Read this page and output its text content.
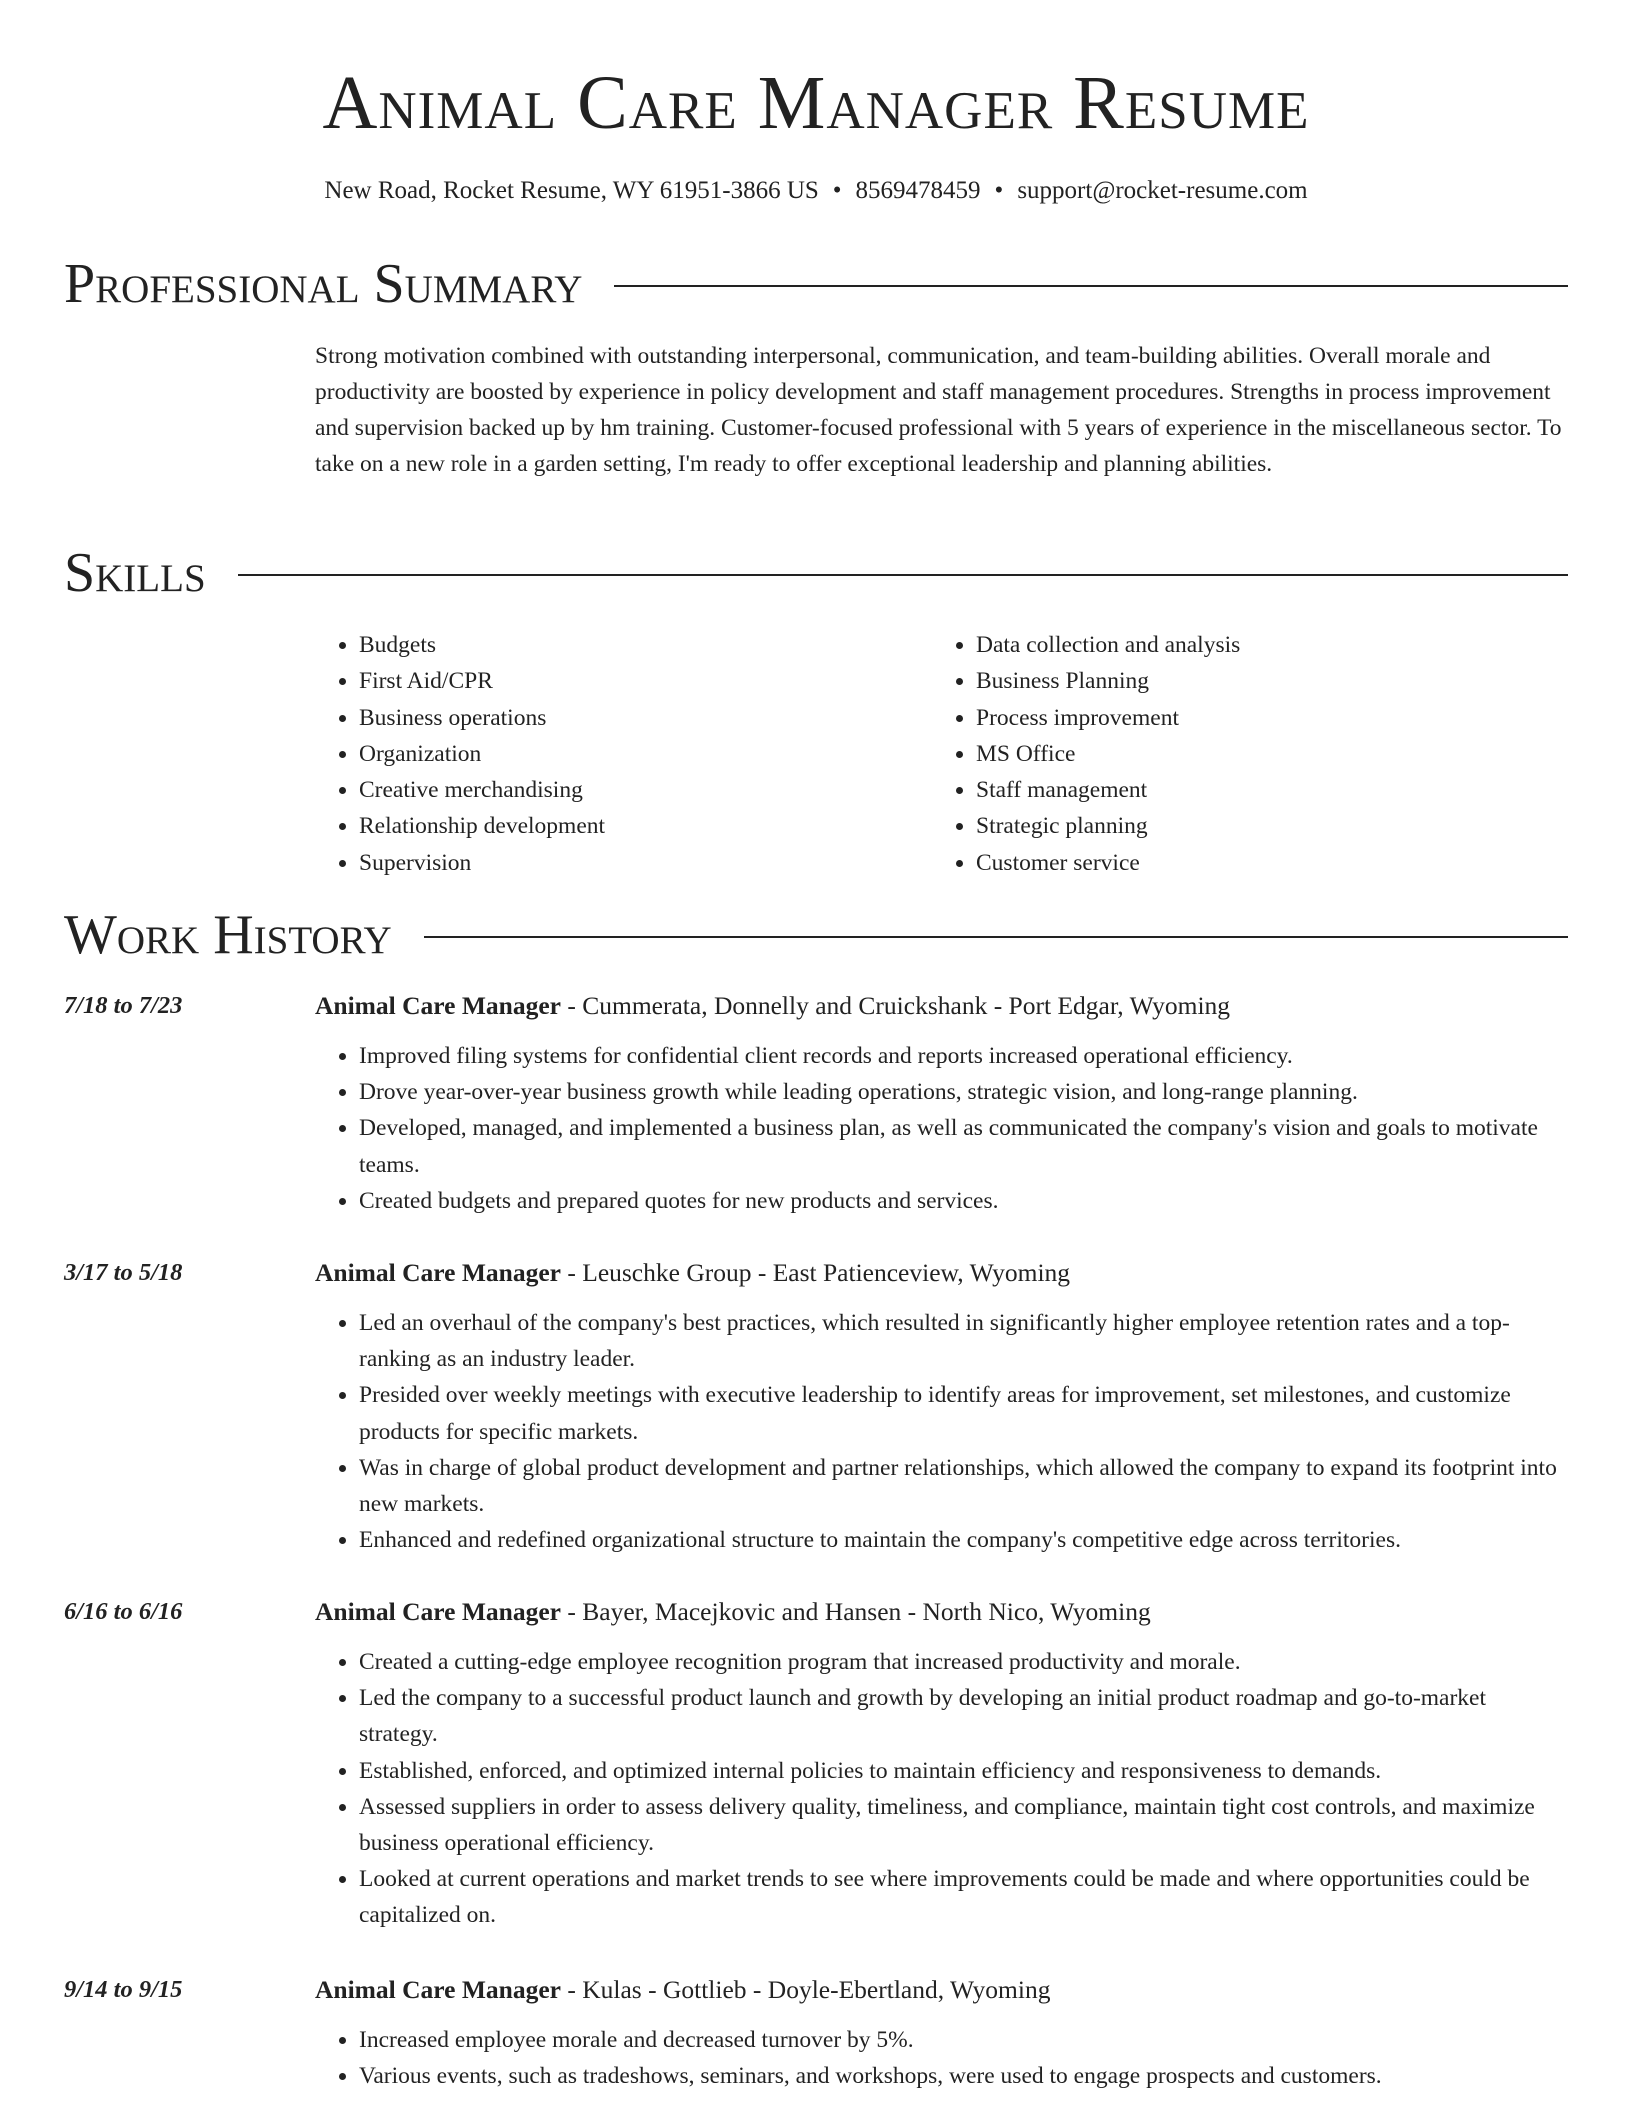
Animal Care Manager Resume
New Road, Rocket Resume, WY 61951-3866 US • 8569478459 • support@rocket-resume.com
Professional Summary

Strong motivation combined with outstanding interpersonal, communication, and team-building abilities. Overall morale and productivity are boosted by experience in policy development and staff management procedures. Strengths in process improvement and supervision backed up by hm training. Customer-focused professional with 5 years of experience in the miscellaneous sector. To take on a new role in a garden setting, I'm ready to offer exceptional leadership and planning abilities.

Skills
• Budgets
• First Aid/CPR
• Business operations
• Organization
• Creative merchandising
• Relationship development
• Supervision
• Data collection and analysis
• Business Planning
• Process improvement
• MS Office
• Staff management
• Strategic planning
• Customer service
Work History
7/18 to 7/23	Animal Care Manager - Cummerata, Donnelly and Cruickshank - Port Edgar, Wyoming
• Improved filing systems for confidential client records and reports increased operational efficiency.
• Drove year-over-year business growth while leading operations, strategic vision, and long-range planning.
• Developed, managed, and implemented a business plan, as well as communicated the company's vision and goals to motivate teams.
• Created budgets and prepared quotes for new products and services.
3/17 to 5/18	Animal Care Manager - Leuschke Group - East Patienceview, Wyoming
• Led an overhaul of the company's best practices, which resulted in significantly higher employee retention rates and a top-ranking as an industry leader.
• Presided over weekly meetings with executive leadership to identify areas for improvement, set milestones, and customize products for specific markets.
• Was in charge of global product development and partner relationships, which allowed the company to expand its footprint into new markets.
• Enhanced and redefined organizational structure to maintain the company's competitive edge across territories.
6/16 to 6/16	Animal Care Manager - Bayer, Macejkovic and Hansen - North Nico, Wyoming
• Created a cutting-edge employee recognition program that increased productivity and morale.
• Led the company to a successful product launch and growth by developing an initial product roadmap and go-to-market strategy.
• Established, enforced, and optimized internal policies to maintain efficiency and responsiveness to demands.
• Assessed suppliers in order to assess delivery quality, timeliness, and compliance, maintain tight cost controls, and maximize business operational efficiency.
• Looked at current operations and market trends to see where improvements could be made and where opportunities could be capitalized on.
9/14 to 9/15	Animal Care Manager - Kulas - Gottlieb - Doyle-Ebertland, Wyoming
• Increased employee morale and decreased turnover by 5%.
• Various events, such as tradeshows, seminars, and workshops, were used to engage prospects and customers.
